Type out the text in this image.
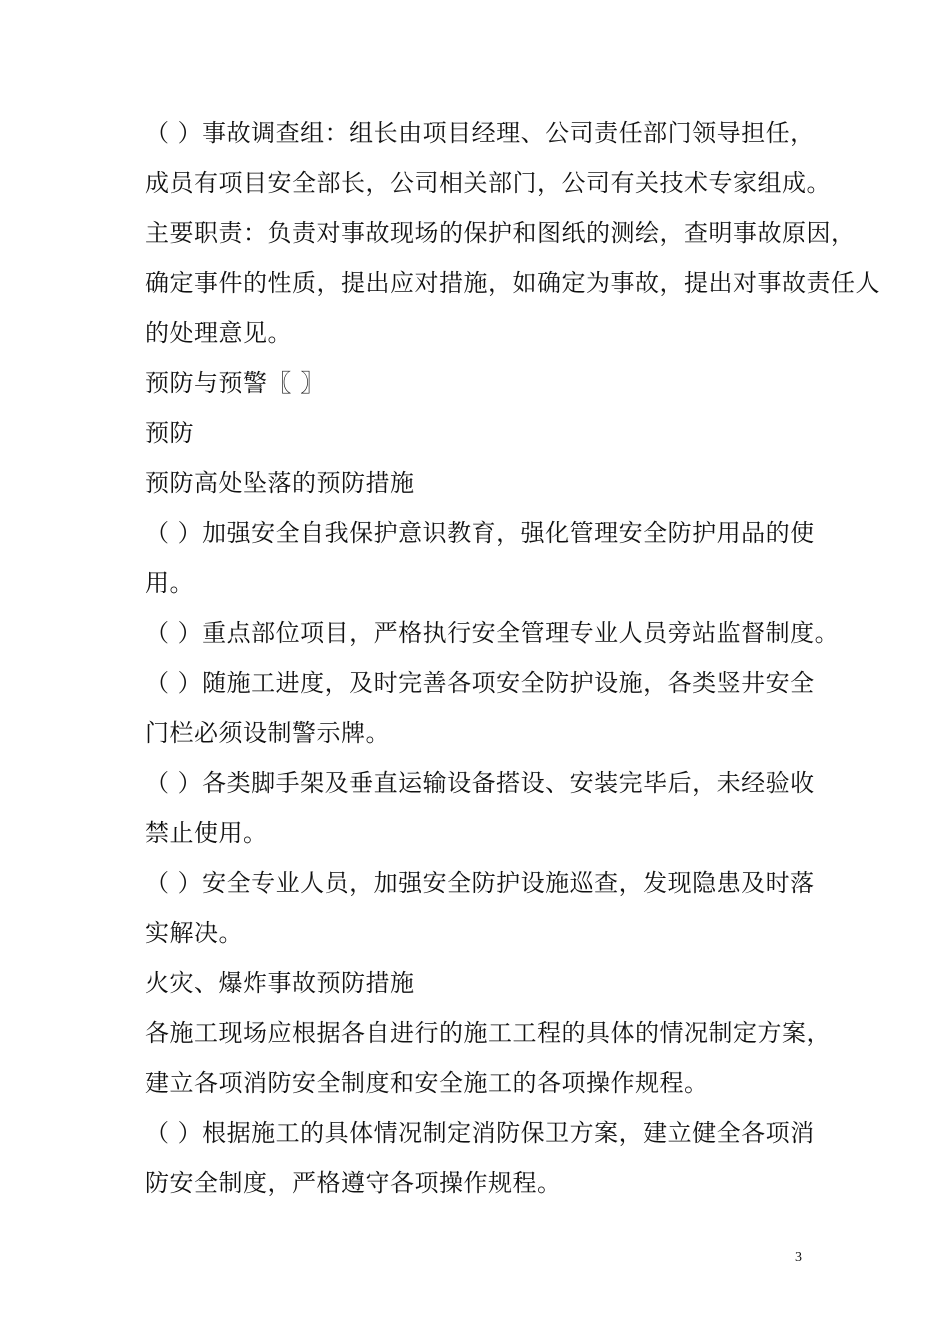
（ ）事故调查组：组长由项目经理、公司责任部门领导担任，
成员有项目安全部长，公司相关部门，公司有关技术专家组成。
主要职责：负责对事故现场的保护和图纸的测绘，查明事故原因，
确定事件的性质，提出应对措施，如确定为事故，提出对事故责任人
的处理意见。
预防与预警〖 〗
预防
预防高处坠落的预防措施
（ ）加强安全自我保护意识教育，强化管理安全防护用品的使
用。
（ ）重点部位项目，严格执行安全管理专业人员旁站监督制度。
（ ）随施工进度，及时完善各项安全防护设施，各类竖井安全
门栏必须设制警示牌。
（ ）各类脚手架及垂直运输设备搭设、安装完毕后，未经验收
禁止使用。
（ ）安全专业人员，加强安全防护设施巡查，发现隐患及时落
实解决。
火灾、爆炸事故预防措施
各施工现场应根据各自进行的施工工程的具体的情况制定方案，
建立各项消防安全制度和安全施工的各项操作规程。
（ ）根据施工的具体情况制定消防保卫方案，建立健全各项消
防安全制度，严格遵守各项操作规程。
3
